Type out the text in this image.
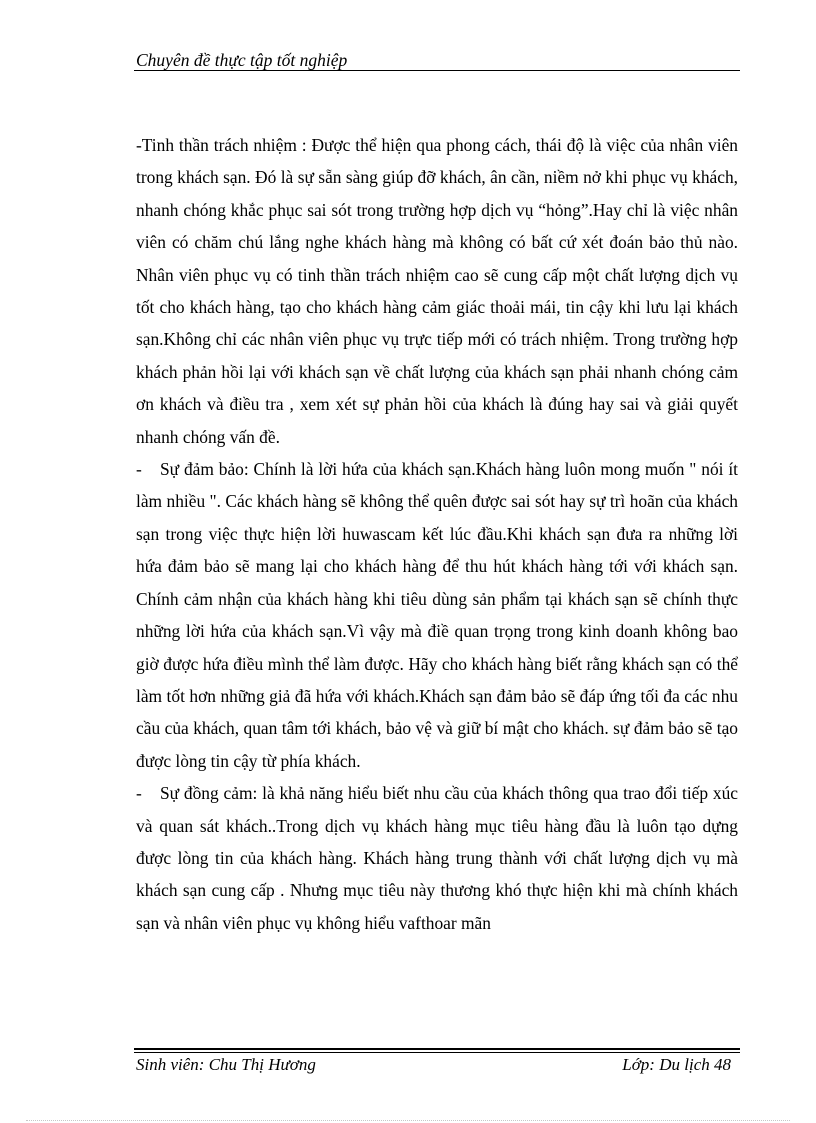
Chuyên đề thực tập tốt nghiệp

-Tinh thần trách nhiệm : Được thể hiện qua phong cách, thái độ là việc của nhân viên trong khách sạn. Đó là sự sẵn sàng giúp đỡ khách, ân cần, niềm nở khi phục vụ khách, nhanh chóng khắc phục sai sót trong trường hợp dịch vụ “hỏng”.Hay chỉ là việc nhân viên có chăm chú lắng nghe khách hàng mà không có bất cứ xét đoán bảo thủ nào. Nhân viên phục vụ có tinh thần trách nhiệm cao sẽ cung cấp một chất lượng dịch vụ tốt cho khách hàng, tạo cho khách hàng cảm giác thoải mái, tin cậy khi lưu lại khách sạn.Không chỉ các nhân viên phục vụ trực tiếp mới có trách nhiệm. Trong trường hợp khách phản hồi lại với khách sạn về chất lượng của khách sạn phải nhanh chóng cảm ơn khách và điều tra , xem xét sự phản hồi của khách là đúng hay sai và giải quyết nhanh chóng vấn đề.

- Sự đảm bảo: Chính là lời hứa của khách sạn.Khách hàng luôn mong muốn " nói ít làm nhiều ". Các khách hàng sẽ không thể quên được sai sót hay sự trì hoãn của khách sạn trong việc thực hiện lời huwascam kết lúc đầu.Khi khách sạn đưa ra những lời hứa đảm bảo sẽ mang lại cho khách hàng để thu hút khách hàng tới với khách sạn. Chính cảm nhận của khách hàng khi tiêu dùng sản phẩm tại khách sạn sẽ chính thực những lời hứa của khách sạn.Vì vậy mà điề quan trọng trong kinh doanh không bao giờ được hứa điều mình thể làm được. Hãy cho khách hàng biết rằng khách sạn có thể làm tốt hơn những giả đã hứa với khách.Khách sạn đảm bảo sẽ đáp ứng tối đa các nhu cầu của khách, quan tâm tới khách, bảo vệ và giữ bí mật cho khách. sự đảm bảo sẽ tạo được lòng tin cậy từ phía khách.

- Sự đồng cảm: là khả năng hiểu biết nhu cầu của khách thông qua trao đổi tiếp xúc và quan sát khách..Trong dịch vụ khách hàng mục tiêu hàng đầu là luôn tạo dựng được lòng tin của khách hàng. Khách hàng trung thành với chất lượng dịch vụ mà khách sạn cung cấp . Nhưng mục tiêu này thương khó thực hiện khi mà chính khách sạn và nhân viên phục vụ không hiểu vafthoar mãn

Sinh viên: Chu Thị Hương	Lớp: Du lịch 48
